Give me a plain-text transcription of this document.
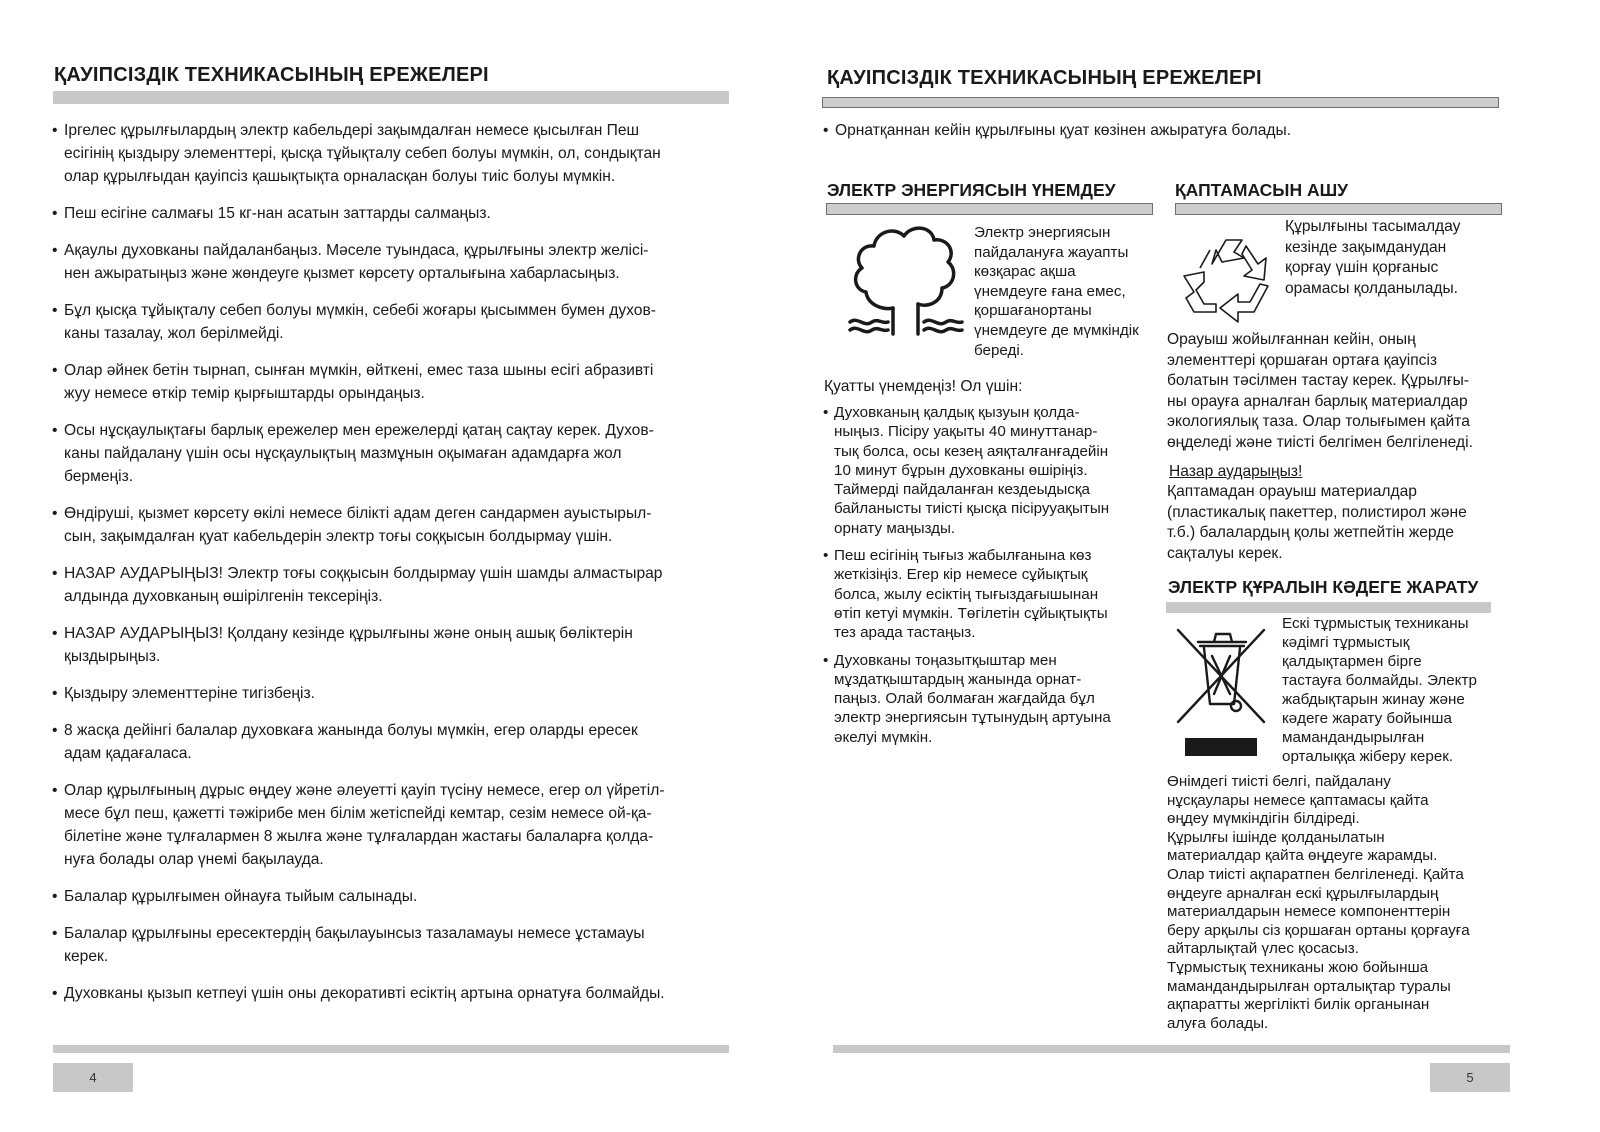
ҚАУІПСІЗДІК ТЕХНИКАСЫНЫҢ ЕРЕЖЕЛЕРІ
• Іргелес құрылғылардың электр кабельдері зақымдалған немесе қысылған Пеш
есігінің қыздыру элементтері, қысқа тұйықталу себеп болуы мүмкін, ол, сондықтан
олар құрылғыдан қауіпсіз қашықтықта орналасқан болуы тиіс болуы мүмкін.
• Пеш есігіне салмағы 15 кг-нан асатын заттарды салмаңыз.
• Ақаулы духовканы пайдаланбаңыз. Мәселе туындаса, құрылғыны электр желісі-
нен ажыратыңыз және жөндеуге қызмет көрсету орталығына хабарласыңыз.
• Бұл қысқа тұйықталу себеп болуы мүмкін, себебі жоғары қысыммен бумен духов-
каны тазалау, жол берілмейді.
• Олар әйнек бетін тырнап, сынған мүмкін, өйткені, емес таза шыны есігі абразивті
жуу немесе өткір темір қырғыштарды орындаңыз.
• Осы нұсқаулықтағы барлық ережелер мен ережелерді қатаң сақтау керек. Духов-
каны пайдалану үшін осы нұсқаулықтың мазмұнын оқымаған адамдарға жол
бермеңіз.
• Өндіруші, қызмет көрсету өкілі немесе білікті адам деген сандармен ауыстырыл-
сын, зақымдалған қуат кабельдерін электр тоғы соққысын болдырмау үшін.
• НАЗАР АУДАРЫҢЫЗ! Электр тоғы соққысын болдырмау үшін шамды алмастырар
алдында духовканың өшірілгенін тексеріңіз.
• НАЗАР АУДАРЫҢЫЗ! Қолдану кезінде құрылғыны және оның ашық бөліктерін
қыздырыңыз.
• Қыздыру элементтеріне тигізбеңіз.
• 8 жасқа дейінгі балалар духовкаға жанында болуы мүмкін, егер оларды ересек
адам қадағаласа.
• Олар құрылғының дұрыс өңдеу және әлеуетті қауіп түсіну немесе, егер ол үйретіл-
месе бұл пеш, қажетті тәжірибе мен білім жетіспейді кемтар, сезім немесе ой-қа-
білетіне және тұлғалармен 8 жылға және тұлғалардан жастағы балаларға қолда-
нуға болады олар үнемі бақылауда.
• Балалар құрылғымен ойнауға тыйым салынады.
• Балалар құрылғыны ересектердің бақылауынсыз тазаламауы немесе ұстамауы
керек.
• Духовканы қызып кетпеуі үшін оны декоративті есіктің артына орнатуға болмайды.
4
ҚАУІПСІЗДІК ТЕХНИКАСЫНЫҢ ЕРЕЖЕЛЕРІ
• Орнатқаннан кейін құрылғыны қуат көзінен ажыратуға болады.
ЭЛЕКТР ЭНЕРГИЯСЫН ҮНЕМДЕУ
Электр энергиясын
пайдалануға жауапты
көзқарас ақша
үнемдеуге ғана емес,
қоршағанортаны
үнемдеуге де мүмкіндік
береді.
Қуатты үнемдеңіз! Ол үшін:
• Духовканың қалдық қызуын қолда-
ныңыз. Пісіру уақыты 40 минуттанар-
тық болса, осы кезең аяқталғанғадейін
10 минут бұрын духовканы өшіріңіз.
Таймерді пайдаланған кездеыдысқа
байланысты тиісті қысқа пісірууақытын
орнату маңызды.
• Пеш есігінің тығыз жабылғанына көз
жеткізіңіз. Егер кір немесе сұйықтық
болса, жылу есіктің тығыздағышынан
өтіп кетуі мүмкін. Төгілетін сұйықтықты
тез арада тастаңыз.
• Духовканы тоңазытқыштар мен
мұздатқыштардың жанында орнат-
паңыз. Олай болмаған жағдайда бұл
электр энергиясын тұтынудың артуына
әкелуі мүмкін.
ҚАПТАМАСЫН АШУ
Құрылғыны тасымалдау
кезінде зақымданудан
қорғау үшін қорғаныс
орамасы қолданылады.
Орауыш жойылғаннан кейін, оның
элементтері қоршаған ортаға қауіпсіз
болатын тәсілмен тастау керек. Құрылғы-
ны орауға арналған барлық материалдар
экологиялық таза. Олар толығымен қайта
өңделеді және тиісті белгімен белгіленеді.
Назар аударыңыз!
Қаптамадан орауыш материалдар
(пластикалық пакеттер, полистирол және
т.б.) балалардың қолы жетпейтін жерде
сақталуы керек.
ЭЛЕКТР ҚҰРАЛЫН КӘДЕГЕ ЖАРАТУ
Ескі тұрмыстық техниканы
кәдімгі тұрмыстық
қалдықтармен бірге
тастауға болмайды. Электр
жабдықтарын жинау және
кәдеге жарату бойынша
мамандандырылған
орталыққа жіберу керек.
Өнімдегі тиісті белгі, пайдалану
нұсқаулары немесе қаптамасы қайта
өңдеу мүмкіндігін білдіреді.
Құрылғы ішінде қолданылатын
материалдар қайта өңдеуге жарамды.
Олар тиісті ақпаратпен белгіленеді. Қайта
өңдеуге арналған ескі құрылғылардың
материалдарын немесе компоненттерін
беру арқылы сіз қоршаған ортаны қорғауға
айтарлықтай үлес қосасыз.
Тұрмыстық техниканы жою бойынша
мамандандырылған орталықтар туралы
ақпаратты жергілікті билік органынан
алуға болады.
5
